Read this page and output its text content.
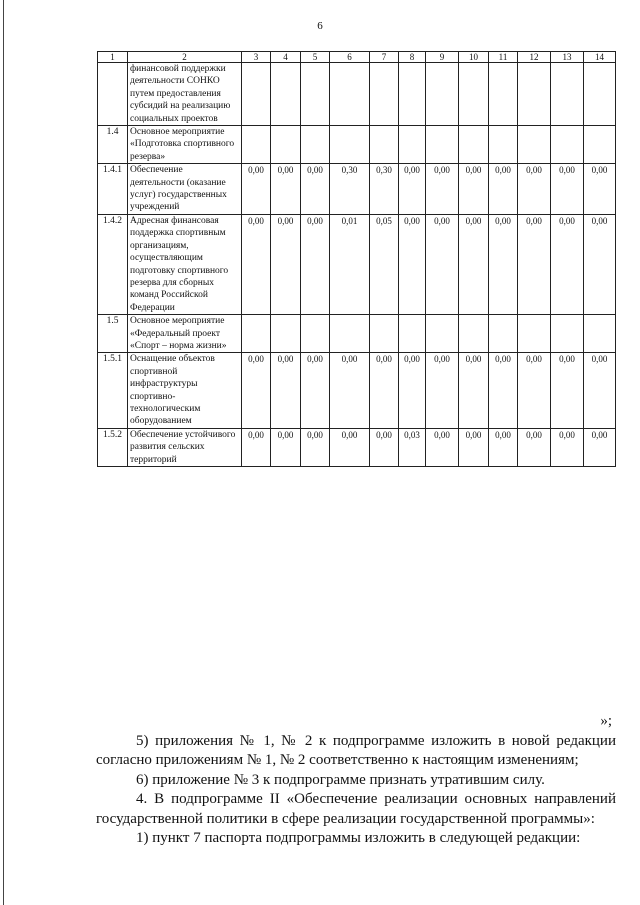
6
1	2	3	4	5	6	7	8	9	10	11	12	13	14
	финансовой поддержки деятельности СОНКО путем предоставления субсидий на реализацию социальных проектов												
1.4	Основное мероприятие «Подготовка спортивного резерва»												
1.4.1	Обеспечение деятельности (оказание услуг) государственных учреждений	0,00	0,00	0,00	0,30	0,30	0,00	0,00	0,00	0,00	0,00	0,00	0,00
1.4.2	Адресная финансовая поддержка спортивным организациям, осуществляющим подготовку спортивного резерва для сборных команд Российской Федерации	0,00	0,00	0,00	0,01	0,05	0,00	0,00	0,00	0,00	0,00	0,00	0,00
1.5	Основное мероприятие «Федеральный проект «Спорт – норма жизни»												
1.5.1	Оснащение объектов спортивной инфраструктуры спортивно-технологическим оборудованием	0,00	0,00	0,00	0,00	0,00	0,00	0,00	0,00	0,00	0,00	0,00	0,00
1.5.2	Обеспечение устойчивого развития сельских территорий	0,00	0,00	0,00	0,00	0,00	0,03	0,00	0,00	0,00	0,00	0,00	0,00

»;

5) приложения № 1, № 2 к подпрограмме изложить в новой редакции согласно приложениям № 1, № 2 соответственно к настоящим изменениям;

6) приложение № 3 к подпрограмме признать утратившим силу.

4. В подпрограмме II «Обеспечение реализации основных направлений государственной политики в сфере реализации государственной программы»:

1) пункт 7 паспорта подпрограммы изложить в следующей редакции:
